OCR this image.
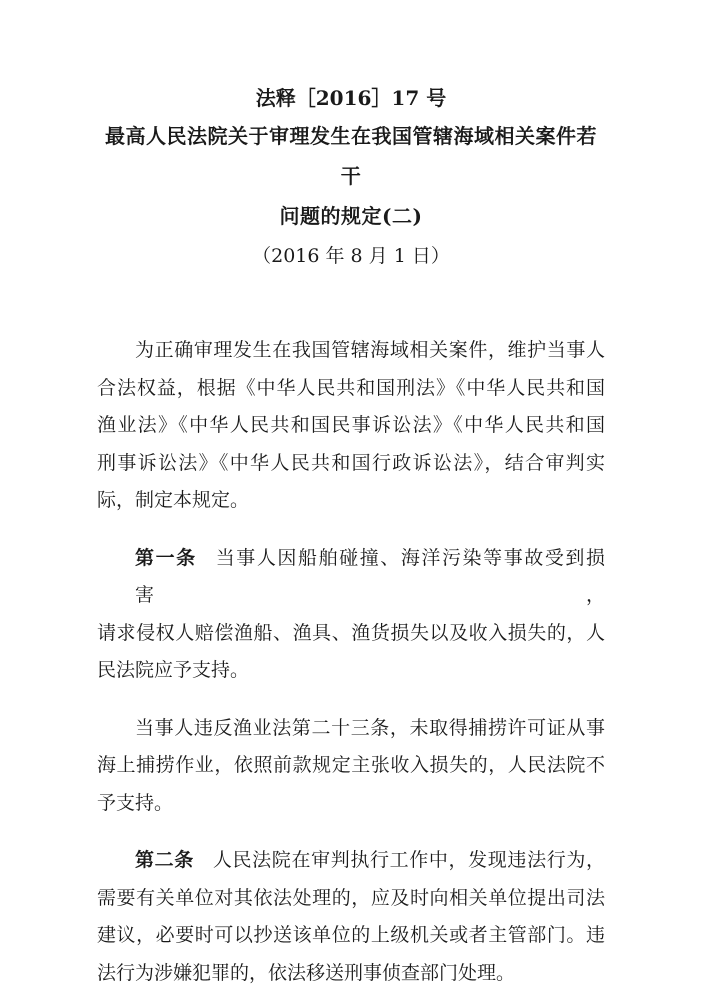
法释［2016］17 号
最高人民法院关于审理发生在我国管辖海域相关案件若干
问题的规定(二)
（2016 年 8 月 1 日）
为正确审理发生在我国管辖海域相关案件，维护当事人
合法权益，根据《中华人民共和国刑法》《中华人民共和国
渔业法》《中华人民共和国民事诉讼法》《中华人民共和国
刑事诉讼法》《中华人民共和国行政诉讼法》，结合审判实
际，制定本规定。
第一条 当事人因船舶碰撞、海洋污染等事故受到损害，
请求侵权人赔偿渔船、渔具、渔货损失以及收入损失的，人
民法院应予支持。
当事人违反渔业法第二十三条，未取得捕捞许可证从事
海上捕捞作业，依照前款规定主张收入损失的，人民法院不
予支持。
第二条 人民法院在审判执行工作中，发现违法行为，
需要有关单位对其依法处理的，应及时向相关单位提出司法
建议，必要时可以抄送该单位的上级机关或者主管部门。违
法行为涉嫌犯罪的，依法移送刑事侦查部门处理。
